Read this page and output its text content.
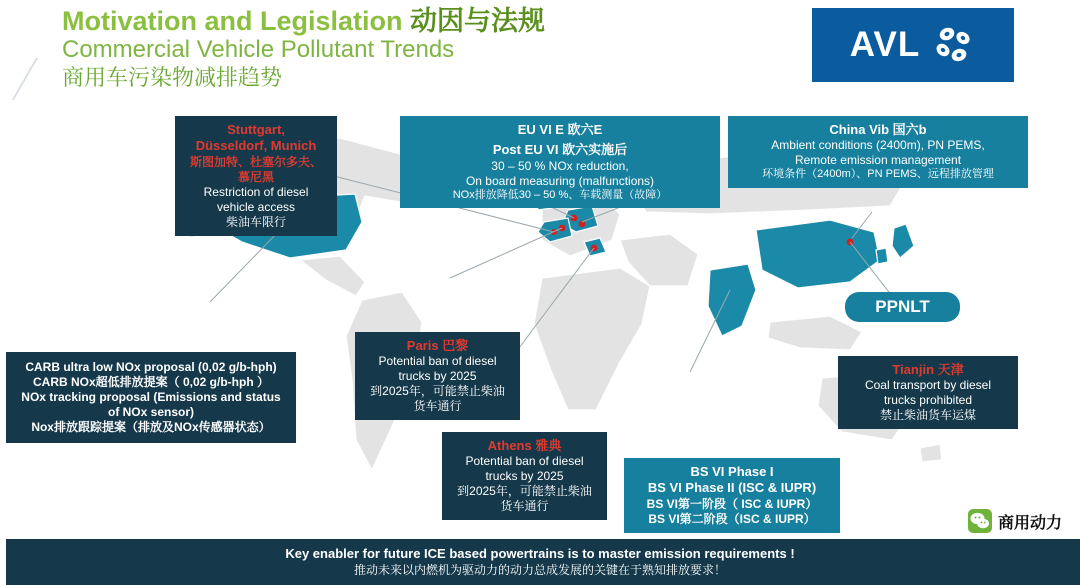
Motivation and Legislation 动因与法规
Commercial Vehicle Pollutant Trends
商用车污染物减排趋势
AVL
Stuttgart,
Düsseldorf, Munich
斯图加特、杜塞尔多夫、
慕尼黑
Restriction of diesel
vehicle access
柴油车限行
EU VI E 欧六E
Post EU VI 欧六实施后
30 – 50 % NOx reduction,
On board measuring (malfunctions)
NOx排放降低30 – 50 %、车载测量（故障）
China Vib 国六b
Ambient conditions (2400m), PN PEMS,
Remote emission management
环境条件（2400m）、PN PEMS、远程排放管理
PPNLT
CARB ultra low NOx proposal (0,02 g/b-hph)
CARB NOx超低排放提案（ 0,02 g/b-hph ）
NOx tracking proposal (Emissions and status of NOx sensor)
Nox排放跟踪提案（排放及NOx传感器状态）
Paris 巴黎
Potential ban of diesel
trucks by 2025
到2025年，可能禁止柴油
货车通行
Athens 雅典
Potential ban of diesel
trucks by 2025
到2025年，可能禁止柴油
货车通行
Tianjin 天津
Coal transport by diesel
trucks prohibited
禁止柴油货车运煤
BS VI Phase I
BS VI Phase II (ISC & IUPR)
BS VI第一阶段（ ISC & IUPR）
BS VI第二阶段（ISC & IUPR）	商用动力
Key enabler for future ICE based powertrains is to master emission requirements !
推动未来以内燃机为驱动力的动力总成发展的关键在于熟知排放要求！
